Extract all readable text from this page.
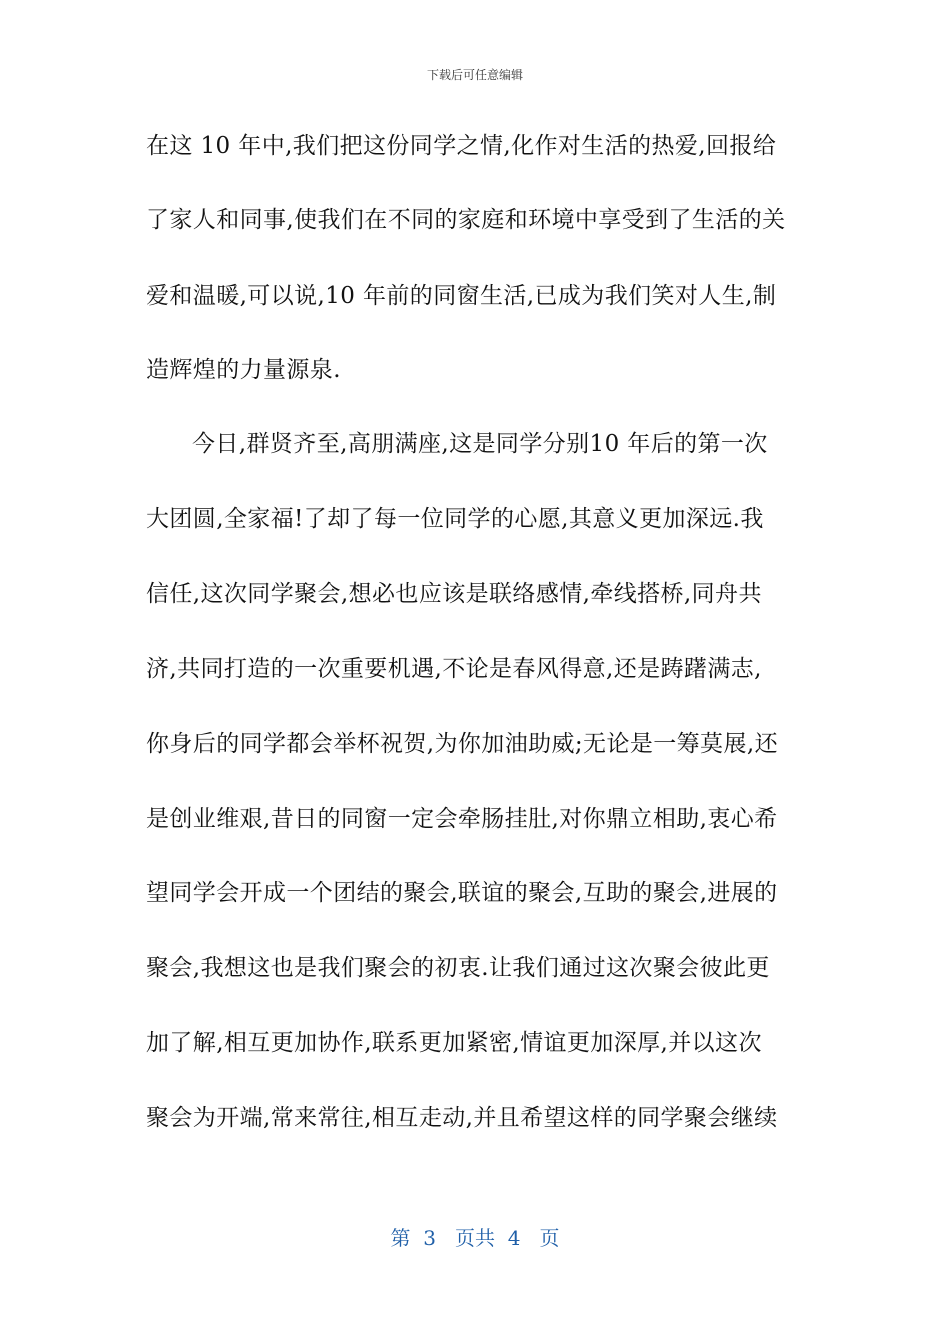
下载后可任意编辑
在这 10 年中,我们把这份同学之情,化作对生活的热爱,回报给
了家人和同事,使我们在不同的家庭和环境中享受到了生活的关
爱和温暖,可以说,10 年前的同窗生活,已成为我们笑对人生,制
造辉煌的力量源泉.
今日,群贤齐至,高朋满座,这是同学分别10 年后的第一次
大团圆,全家福!了却了每一位同学的心愿,其意义更加深远.我
信任,这次同学聚会,想必也应该是联络感情,牵线搭桥,同舟共
济,共同打造的一次重要机遇,不论是春风得意,还是踌躇满志,
你身后的同学都会举杯祝贺,为你加油助威;无论是一筹莫展,还
是创业维艰,昔日的同窗一定会牵肠挂肚,对你鼎立相助,衷心希
望同学会开成一个团结的聚会,联谊的聚会,互助的聚会,进展的
聚会,我想这也是我们聚会的初衷.让我们通过这次聚会彼此更
加了解,相互更加协作,联系更加紧密,情谊更加深厚,并以这次
聚会为开端,常来常往,相互走动,并且希望这样的同学聚会继续
第  3   页共  4   页
